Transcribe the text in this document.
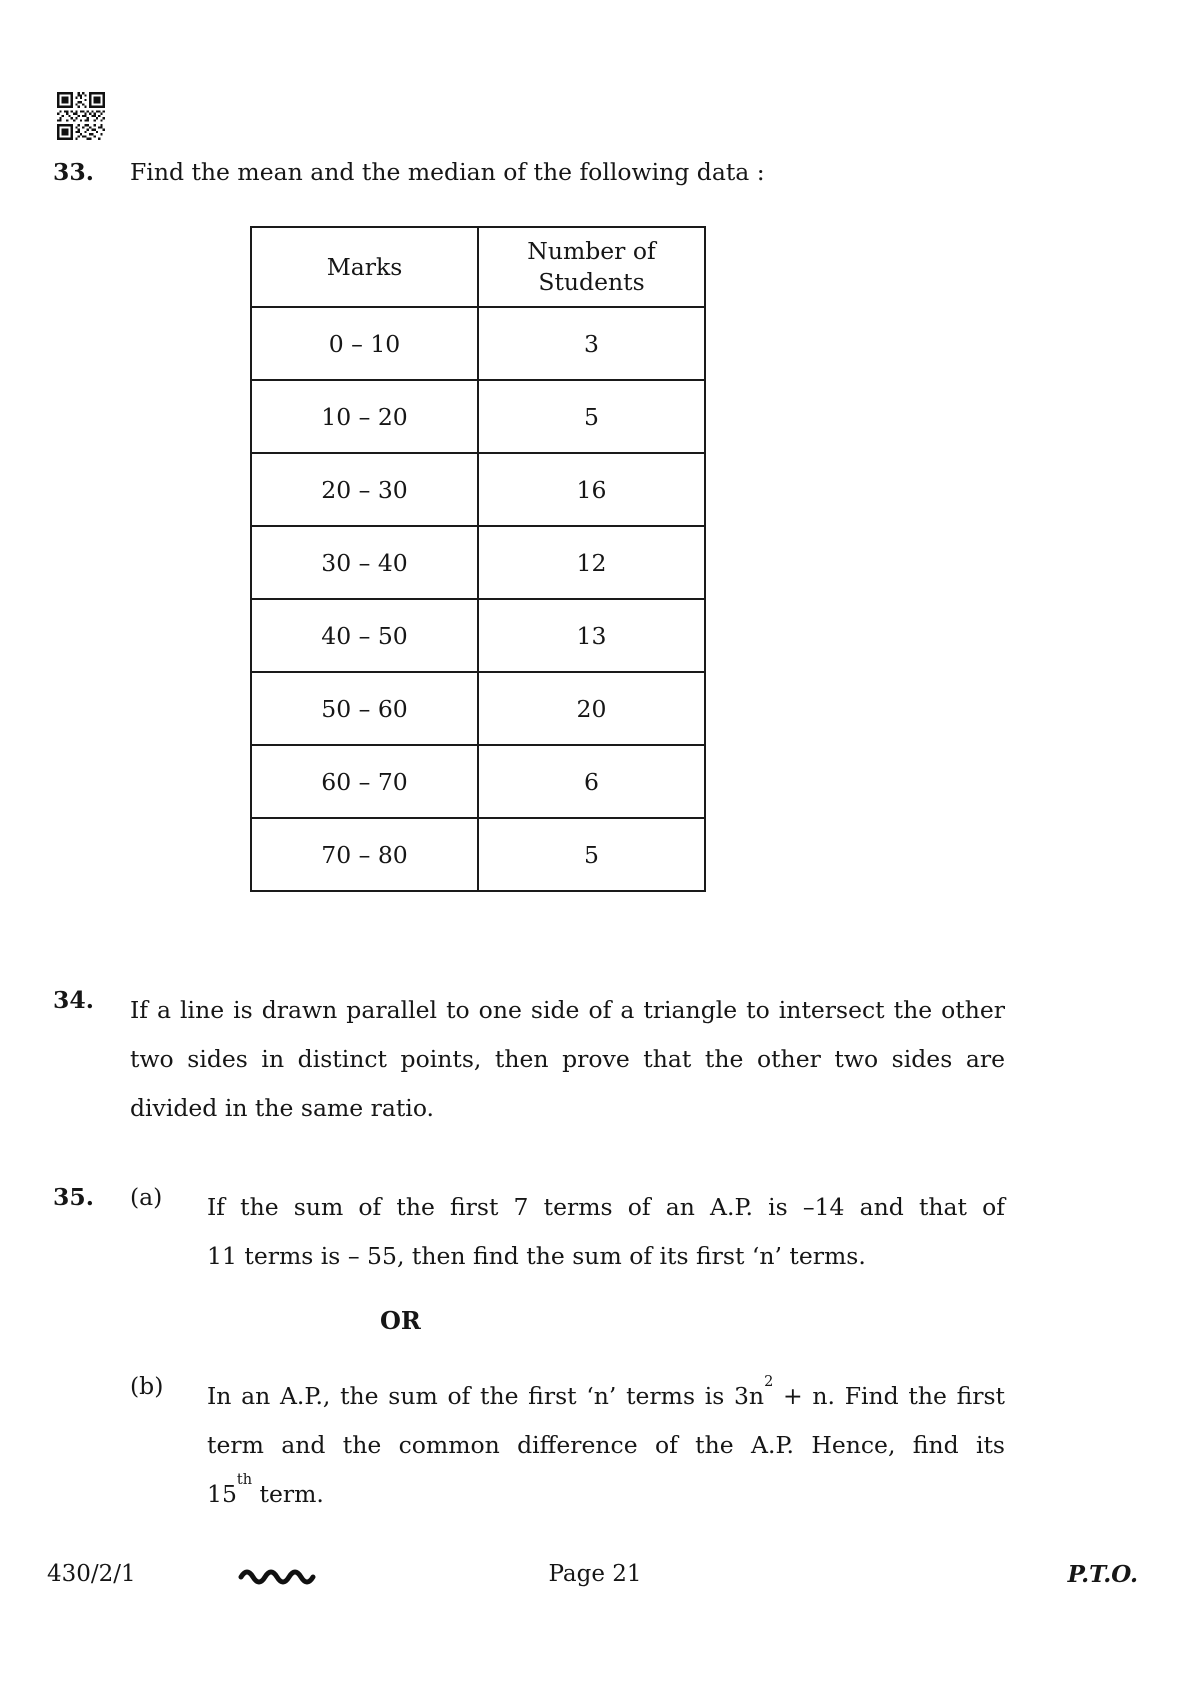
33. Find the mean and the median of the following data :
Marks	Number of
Students
0 – 10	3
10 – 20	5
20 – 30	16
30 – 40	12
40 – 50	13
50 – 60	20
60 – 70	6
70 – 80	5
34. If a line is drawn parallel to one side of a triangle to intersect the other
two sides in distinct points, then prove that the other two sides are
divided in the same ratio.
35. (a) If the sum of the first 7 terms of an A.P. is –14 and that of
11 terms is – 55, then find the sum of its first ‘n’ terms.
OR
(b) In an A.P., the sum of the first ‘n’ terms is $3n^2 + n$. Find the first
term and the common difference of the A.P. Hence, find its
15th term.
430/2/1	Page 21	P.T.O.
